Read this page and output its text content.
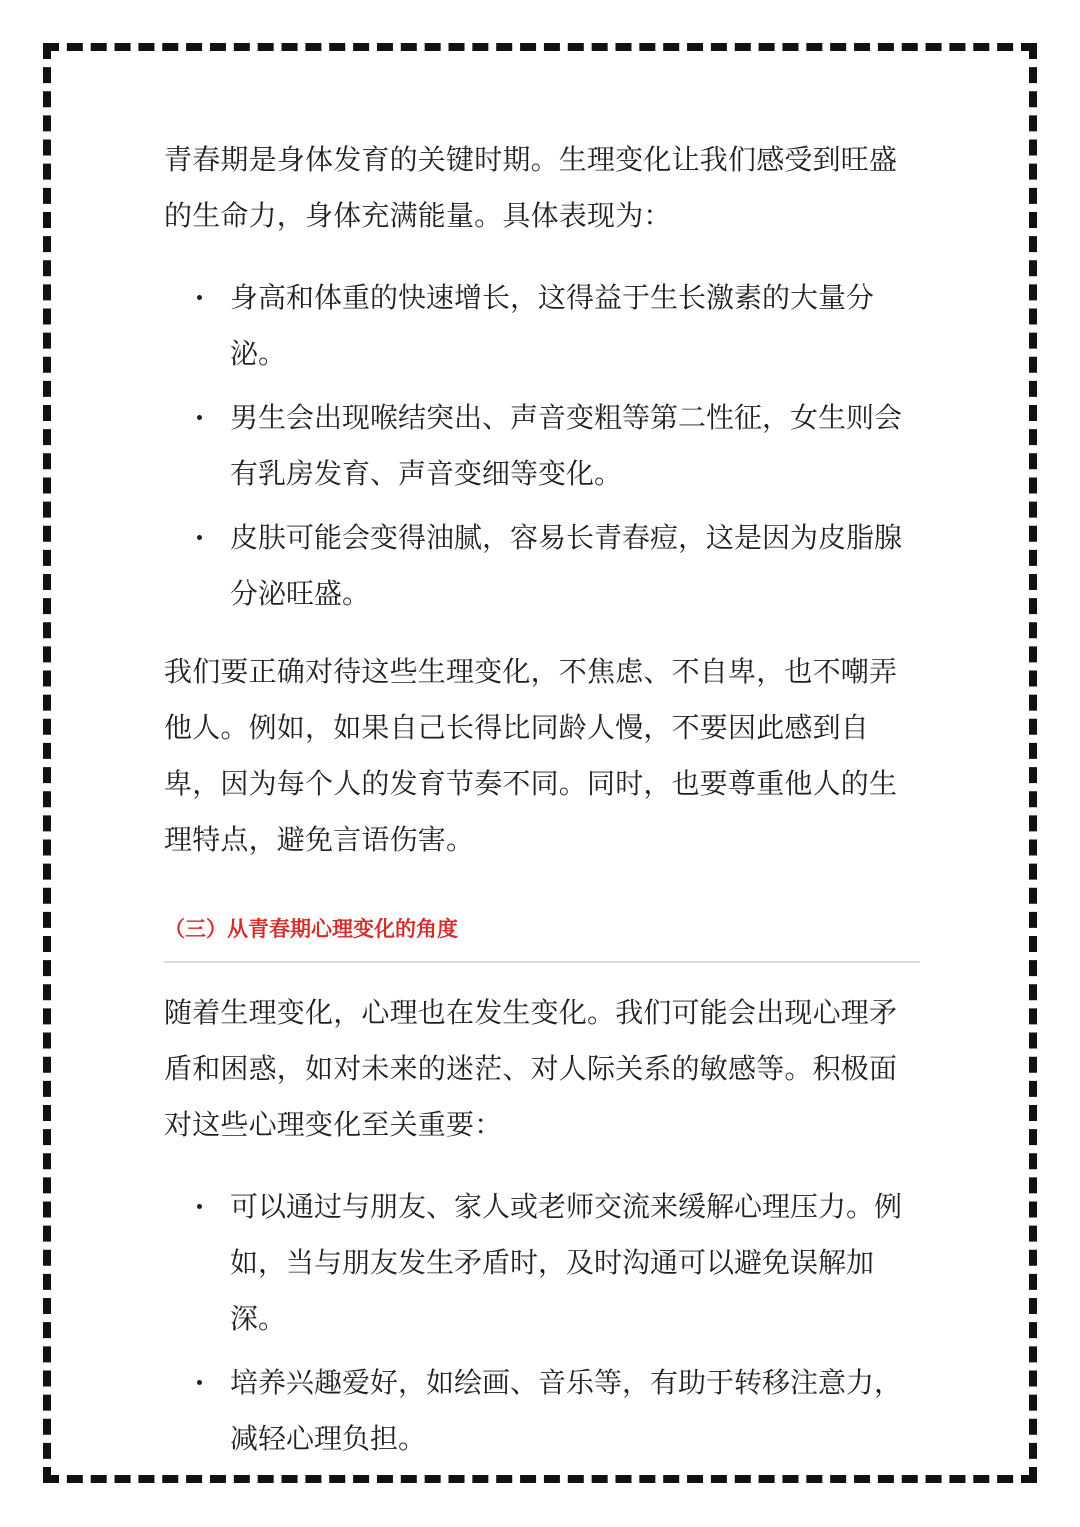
青春期是身体发育的关键时期。生理变化让我们感受到旺盛的生命力，身体充满能量。具体表现为：

身高和体重的快速增长，这得益于生长激素的大量分泌。
男生会出现喉结突出、声音变粗等第二性征，女生则会有乳房发育、声音变细等变化。
皮肤可能会变得油腻，容易长青春痘，这是因为皮脂腺分泌旺盛。

我们要正确对待这些生理变化，不焦虑、不自卑，也不嘲弄他人。例如，如果自己长得比同龄人慢，不要因此感到自卑，因为每个人的发育节奏不同。同时，也要尊重他人的生理特点，避免言语伤害。

（三）从青春期心理变化的角度

随着生理变化，心理也在发生变化。我们可能会出现心理矛盾和困惑，如对未来的迷茫、对人际关系的敏感等。积极面对这些心理变化至关重要：

可以通过与朋友、家人或老师交流来缓解心理压力。例如，当与朋友发生矛盾时，及时沟通可以避免误解加深。
培养兴趣爱好，如绘画、音乐等，有助于转移注意力，减轻心理负担。
